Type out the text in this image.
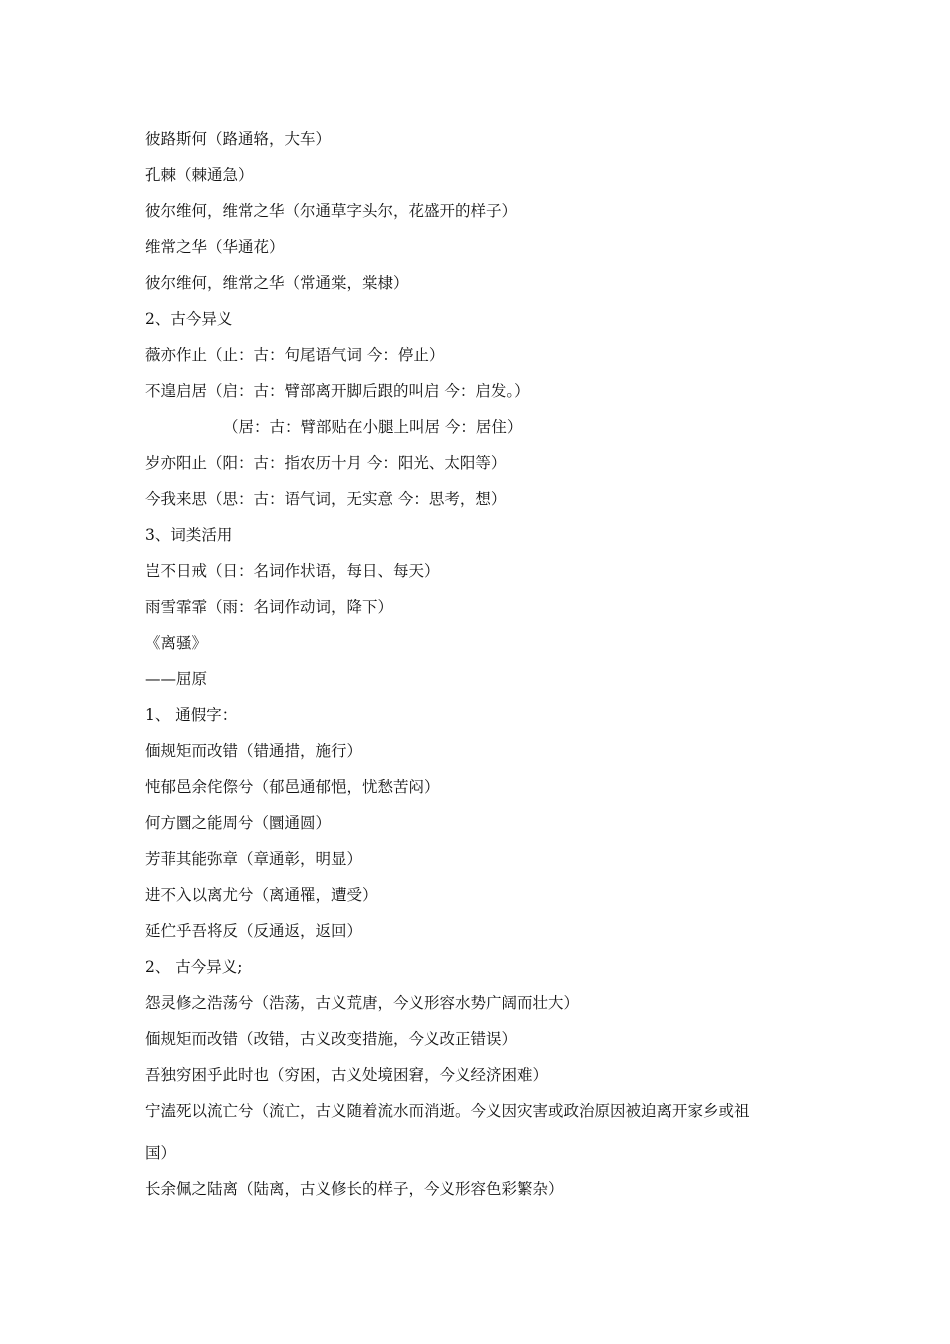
彼路斯何（路通辂，大车）
孔棘（棘通急）
彼尔维何，维常之华（尔通草字头尔，花盛开的样子）
维常之华（华通花）
彼尔维何，维常之华（常通棠，棠棣）
2、古今异义
薇亦作止（止：古：句尾语气词 今：停止）
不遑启居（启：古：臂部离开脚后跟的叫启 今：启发。）
（居：古：臂部贴在小腿上叫居 今：居住）
岁亦阳止（阳：古：指农历十月 今：阳光、太阳等）
今我来思（思：古：语气词，无实意 今：思考，想）
3、词类活用
岂不日戒（日：名词作状语，每日、每天）
雨雪霏霏（雨：名词作动词，降下）
《离骚》
——屈原
1、 通假字：
偭规矩而改错（错通措，施行）
忳郁邑余侘傺兮（郁邑通郁悒，忧愁苦闷）
何方圜之能周兮（圜通圆）
芳菲其能弥章（章通彰，明显）
进不入以离尤兮（离通罹，遭受）
延伫乎吾将反（反通返，返回）
2、 古今异义;
怨灵修之浩荡兮（浩荡，古义荒唐，今义形容水势广阔而壮大）
偭规矩而改错（改错，古义改变措施，今义改正错误）
吾独穷困乎此时也（穷困，古义处境困窘，今义经济困难）
宁溘死以流亡兮（流亡，古义随着流水而消逝。今义因灾害或政治原因被迫离开家乡或祖
国）
长余佩之陆离（陆离，古义修长的样子，今义形容色彩繁杂）
